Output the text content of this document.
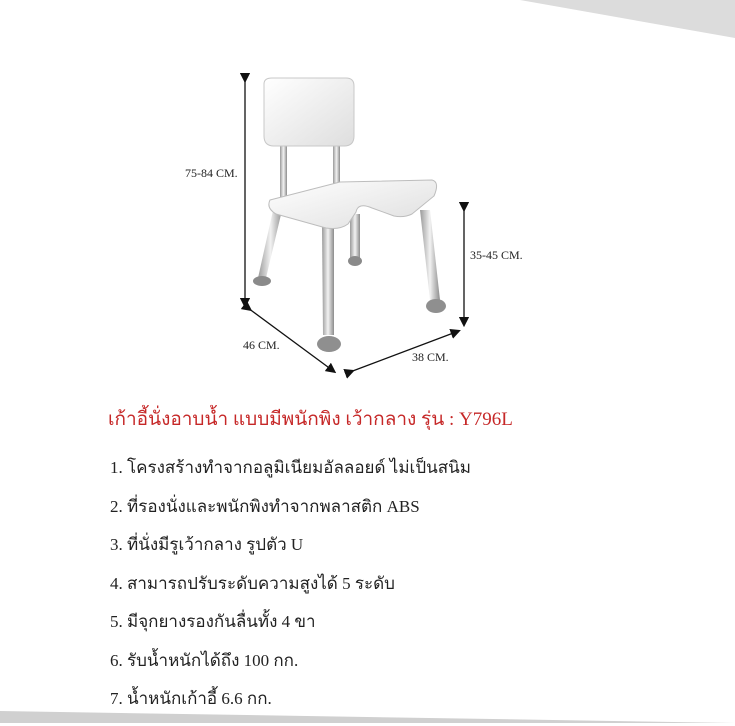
75-84 CM.
35-45 CM.
46 CM.
38 CM.
เก้าอี้นั่งอาบน้ำ แบบมีพนักพิง เว้ากลาง รุ่น : Y796L
1. โครงสร้างทำจากอลูมิเนียมอัลลอยด์ ไม่เป็นสนิม
2. ที่รองนั่งและพนักพิงทำจากพลาสติก ABS
3. ที่นั่งมีรูเว้ากลาง รูปตัว U
4. สามารถปรับระดับความสูงได้ 5 ระดับ
5. มีจุกยางรองกันลื่นทั้ง 4 ขา
6. รับน้ำหนักได้ถึง 100 กก.
7. น้ำหนักเก้าอี้ 6.6 กก.
